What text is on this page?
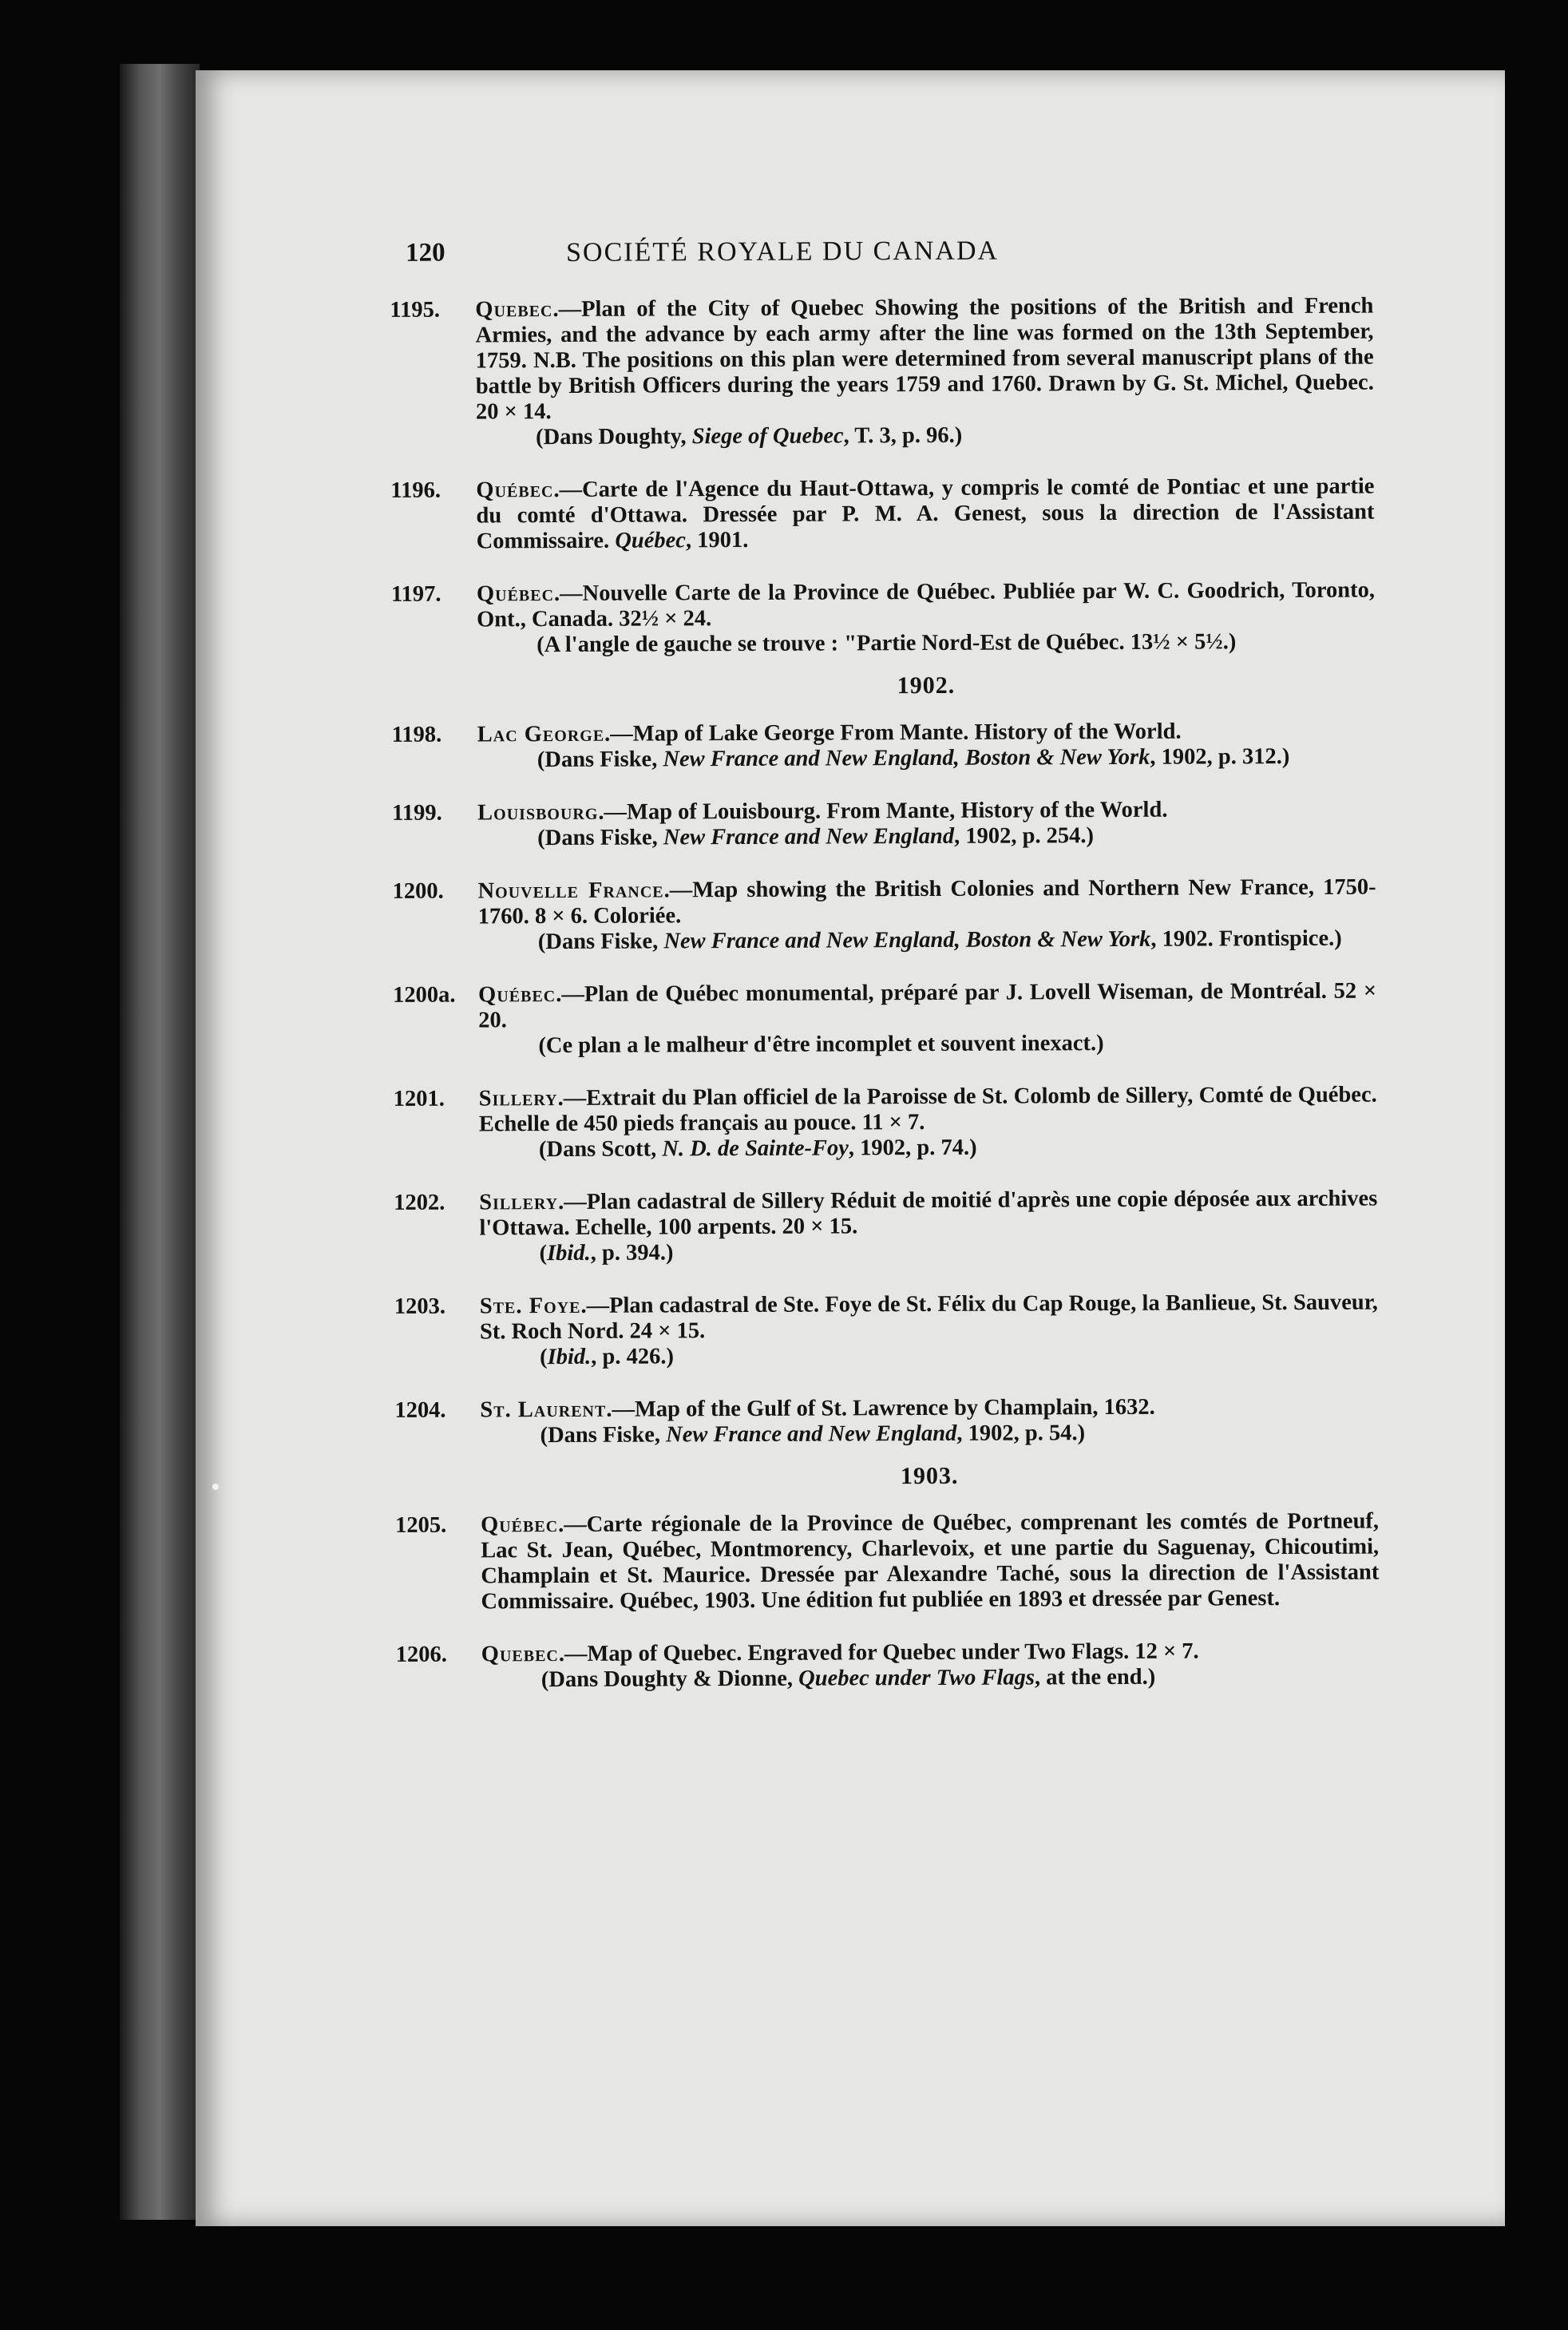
120	SOCIÉTÉ ROYALE DU CANADA
1195. Quebec.—Plan of the City of Quebec Showing the positions of the British and French Armies, and the advance by each army after the line was formed on the 13th September, 1759. N.B. The positions on this plan were determined from several manuscript plans of the battle by British Officers during the years 1759 and 1760. Drawn by G. St. Michel, Quebec. 20 × 14.
(Dans Doughty, Siege of Quebec, T. 3, p. 96.)
1196. Québec.—Carte de l'Agence du Haut-Ottawa, y compris le comté de Pontiac et une partie du comté d'Ottawa. Dressée par P. M. A. Genest, sous la direction de l'Assistant Commissaire. Québec, 1901.
1197. Québec.—Nouvelle Carte de la Province de Québec. Publiée par W. C. Goodrich, Toronto, Ont., Canada. 32½ × 24.
(A l'angle de gauche se trouve : "Partie Nord-Est de Québec. 13½ × 5½.)
1902.
1198. Lac George.—Map of Lake George From Mante. History of the World.
(Dans Fiske, New France and New England, Boston & New York, 1902, p. 312.)
1199. Louisbourg.—Map of Louisbourg. From Mante, History of the World.
(Dans Fiske, New France and New England, 1902, p. 254.)
1200. Nouvelle France.—Map showing the British Colonies and Northern New France, 1750-1760. 8 × 6. Coloriée.
(Dans Fiske, New France and New England, Boston & New York, 1902. Frontispice.)
1200a. Québec.—Plan de Québec monumental, préparé par J. Lovell Wiseman, de Montréal. 52 × 20.
(Ce plan a le malheur d'être incomplet et souvent inexact.)
1201. Sillery.—Extrait du Plan officiel de la Paroisse de St. Colomb de Sillery, Comté de Québec. Echelle de 450 pieds français au pouce. 11 × 7.
(Dans Scott, N. D. de Sainte-Foy, 1902, p. 74.)
1202. Sillery.—Plan cadastral de Sillery Réduit de moitié d'après une copie déposée aux archives l'Ottawa. Echelle, 100 arpents. 20 × 15.
(Ibid., p. 394.)
1203. Ste. Foye.—Plan cadastral de Ste. Foye de St. Félix du Cap Rouge, la Banlieue, St. Sauveur, St. Roch Nord. 24 × 15.
(Ibid., p. 426.)
1204. St. Laurent.—Map of the Gulf of St. Lawrence by Champlain, 1632.
(Dans Fiske, New France and New England, 1902, p. 54.)
1903.
1205. Québec.—Carte régionale de la Province de Québec, comprenant les comtés de Portneuf, Lac St. Jean, Québec, Montmorency, Charlevoix, et une partie du Saguenay, Chicoutimi, Champlain et St. Maurice. Dressée par Alexandre Taché, sous la direction de l'Assistant Commissaire. Québec, 1903. Une édition fut publiée en 1893 et dressée par Genest.
1206. Quebec.—Map of Quebec. Engraved for Quebec under Two Flags. 12 × 7.
(Dans Doughty & Dionne, Quebec under Two Flags, at the end.)
